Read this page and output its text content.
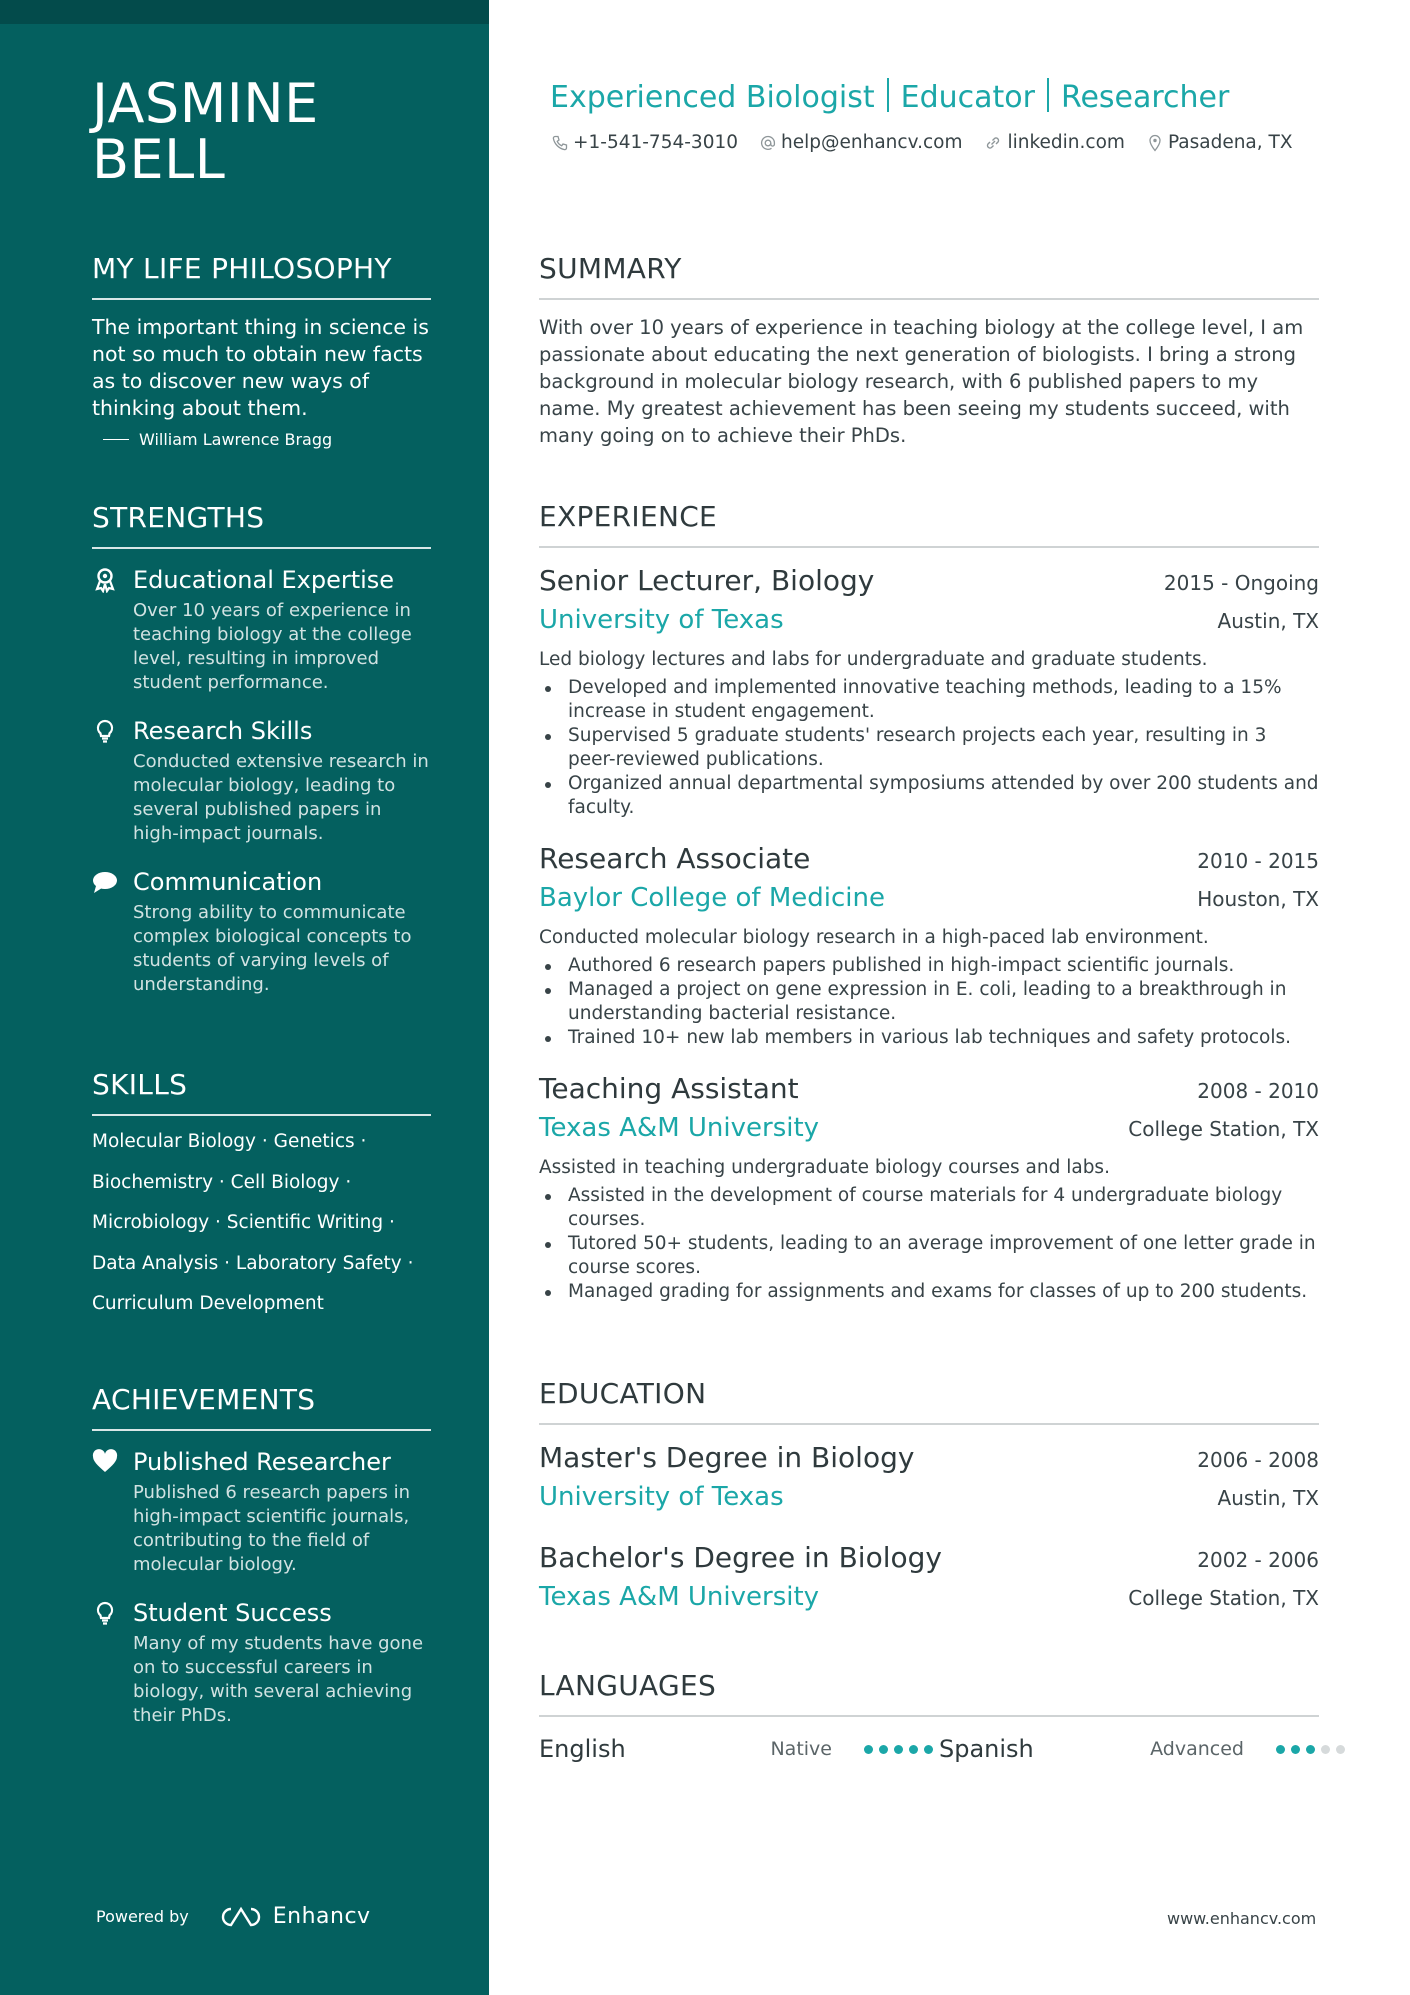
JASMINE
BELL
MY LIFE PHILOSOPHY
The important thing in science is not so much to obtain new facts as to discover new ways of thinking about them.
William Lawrence Bragg
STRENGTHS
Educational Expertise
Over 10 years of experience in teaching biology at the college level, resulting in improved student performance.
Research Skills
Conducted extensive research in molecular biology, leading to several published papers in high-impact journals.
Communication
Strong ability to communicate complex biological concepts to students of varying levels of understanding.
SKILLS
Molecular Biology · Genetics ·
Biochemistry · Cell Biology ·
Microbiology · Scientific Writing ·
Data Analysis · Laboratory Safety ·
Curriculum Development
ACHIEVEMENTS
Published Researcher
Published 6 research papers in high-impact scientific journals, contributing to the field of molecular biology.
Student Success
Many of my students have gone on to successful careers in biology, with several achieving their PhDs.
Powered by	Enhancv
Experienced Biologist Educator Researcher
+1-541-754-3010 help@enhancv.com linkedin.com Pasadena, TX
SUMMARY
With over 10 years of experience in teaching biology at the college level, I am passionate about educating the next generation of biologists. I bring a strong background in molecular biology research, with 6 published papers to my name. My greatest achievement has been seeing my students succeed, with many going on to achieve their PhDs.
EXPERIENCE
Senior Lecturer, Biology	2015 - Ongoing
University of Texas	Austin, TX
Led biology lectures and labs for undergraduate and graduate students.
Developed and implemented innovative teaching methods, leading to a 15% increase in student engagement.
Supervised 5 graduate students' research projects each year, resulting in 3 peer-reviewed publications.
Organized annual departmental symposiums attended by over 200 students and faculty.
Research Associate	2010 - 2015
Baylor College of Medicine	Houston, TX
Conducted molecular biology research in a high-paced lab environment.
Authored 6 research papers published in high-impact scientific journals.
Managed a project on gene expression in E. coli, leading to a breakthrough in understanding bacterial resistance.
Trained 10+ new lab members in various lab techniques and safety protocols.
Teaching Assistant	2008 - 2010
Texas A&M University	College Station, TX
Assisted in teaching undergraduate biology courses and labs.
Assisted in the development of course materials for 4 undergraduate biology courses.
Tutored 50+ students, leading to an average improvement of one letter grade in course scores.
Managed grading for assignments and exams for classes of up to 200 students.
EDUCATION
Master's Degree in Biology	2006 - 2008
University of Texas	Austin, TX
Bachelor's Degree in Biology	2002 - 2006
Texas A&M University	College Station, TX
LANGUAGES
English	Native	Spanish	Advanced
www.enhancv.com
